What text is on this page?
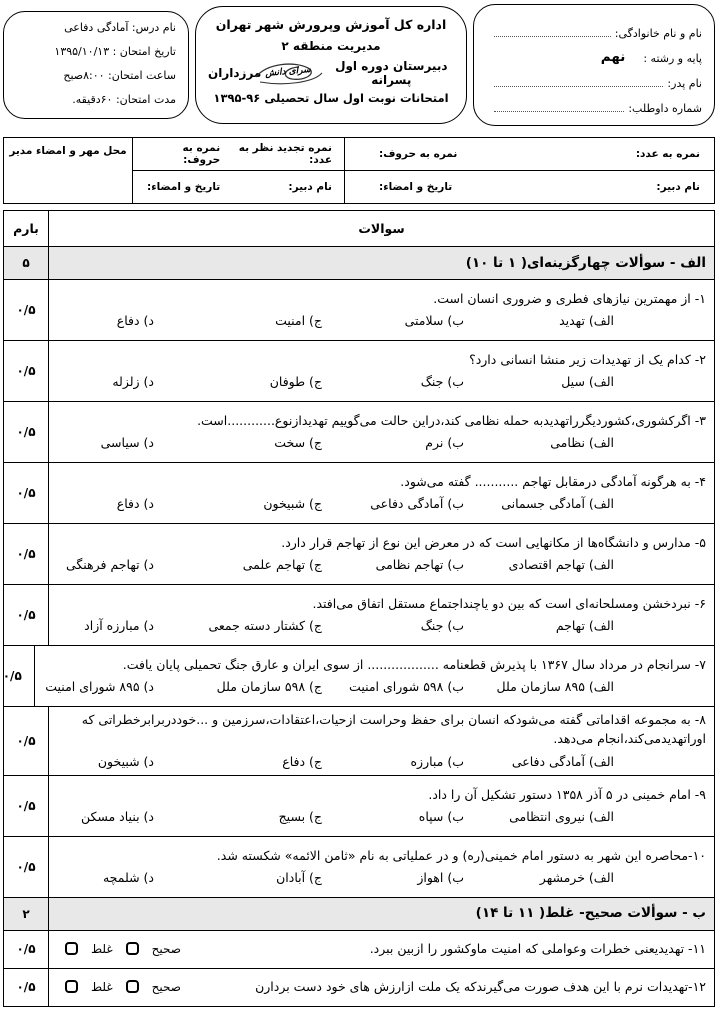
نام و نام خانوادگی:
پایه و رشته :
نهم
نام پدر:
شماره داوطلب:
اداره کل آموزش وپرورش شهر تهران
مدیریت منطقه ۲
دبیرستان دوره اول پسرانه
سرای دانش
مرزداران
امتحانات نوبت اول سال تحصیلی ۹۶-۱۳۹۵
نام درس: آمادگی دفاعی
تاریخ امتحان : ۱۳۹۵/۱۰/۱۳
ساعت امتحان: ۸:۰۰صبح
مدت امتحان: ۶۰دقیقه.
نمره به عدد:
نمره به حروف:
نمره تجدید نظر به عدد:
نمره به حروف:
نام دبیر:
تاریخ و امضاء:
نام دبیر:
تاریخ و امضاء:
محل مهر و امضاء مدیر
سوالات
بارم
الف - سوألات چهارگزینه‌ای( ۱ تا ۱۰)
۵
۱- از مهمترین نیازهای فطری و ضروری انسان است.
الف) تهدید
ب) سلامتی
ج) امنیت
د) دفاع
۰/۵
۲- کدام یک از تهدیدات زیر منشا انسانی دارد؟
الف) سیل
ب) جنگ
ج) طوفان
د) زلزله
۰/۵
۳- اگرکشوری،کشوردیگرراتهدیدبه حمله نظامی کند،دراین حالت می‌گوییم تهدیدازنوع............است.
الف) نظامی
ب) نرم
ج) سخت
د) سیاسی
۰/۵
۴- به هرگونه آمادگی درمقابل تهاجم ........... گفته می‌شود.
الف) آمادگی جسمانی
ب) آمادگی دفاعی
ج) شبیخون
د) دفاع
۰/۵
۵- مدارس و دانشگاه‌ها از مکانهایی است که در معرض این نوع از تهاجم قرار دارد.
الف) تهاجم اقتصادی
ب) تهاجم نظامی
ج) تهاجم علمی
د) تهاجم فرهنگی
۰/۵
۶- نبردخشن ومسلحانه‌ای است که بین دو یاچنداجتماع مستقل اتفاق می‌افتد.
الف) تهاجم
ب) جنگ
ج) کشتار دسته جمعی
د) مبارزه آزاد
۰/۵
۷- سرانجام در مرداد سال ۱۳۶۷ با پذیرش قطعنامه .................. از سوی ایران و عارق جنگ تحمیلی پایان یافت.
الف) ۸۹۵ سازمان ملل
ب) ۵۹۸ شورای امنیت
ج) ۵۹۸ سازمان ملل
د) ۸۹۵ شورای امنیت
۰/۵
۸- به مجموعه اقداماتی گفته می‌شودکه انسان برای حفظ وحراست ازحیات،اعتقادات،سرزمین و ...خوددربرابرخطراتی که اوراتهدیدمی‌کند،انجام می‌دهد.
الف) آمادگی دفاعی
ب) مبارزه
ج) دفاع
د) شبیخون
۰/۵
۹- امام خمینی در ۵ آذر ۱۳۵۸ دستور تشکیل آن را داد.
الف) نیروی انتظامی
ب) سپاه
ج) بسیج
د) بنیاد مسکن
۰/۵
۱۰-محاصره این شهر به دستور امام خمینی(ره) و در عملیاتی به نام «ثامن الائمه» شکسته شد.
الف) خرمشهر
ب) اهواز
ج) آبادان
د) شلمچه
۰/۵
ب - سوألات صحیح- غلط( ۱۱ تا ۱۴)
۲
۱۱- تهدیدیعنی خطرات وعواملی که امنیت ماوکشور را ازبین ببرد.
صحیح
غلط
۰/۵
۱۲-تهدیدات نرم با این هدف صورت می‌گیرندکه یک ملت ازارزش های خود دست بردارن
صحیح
غلط
۰/۵
